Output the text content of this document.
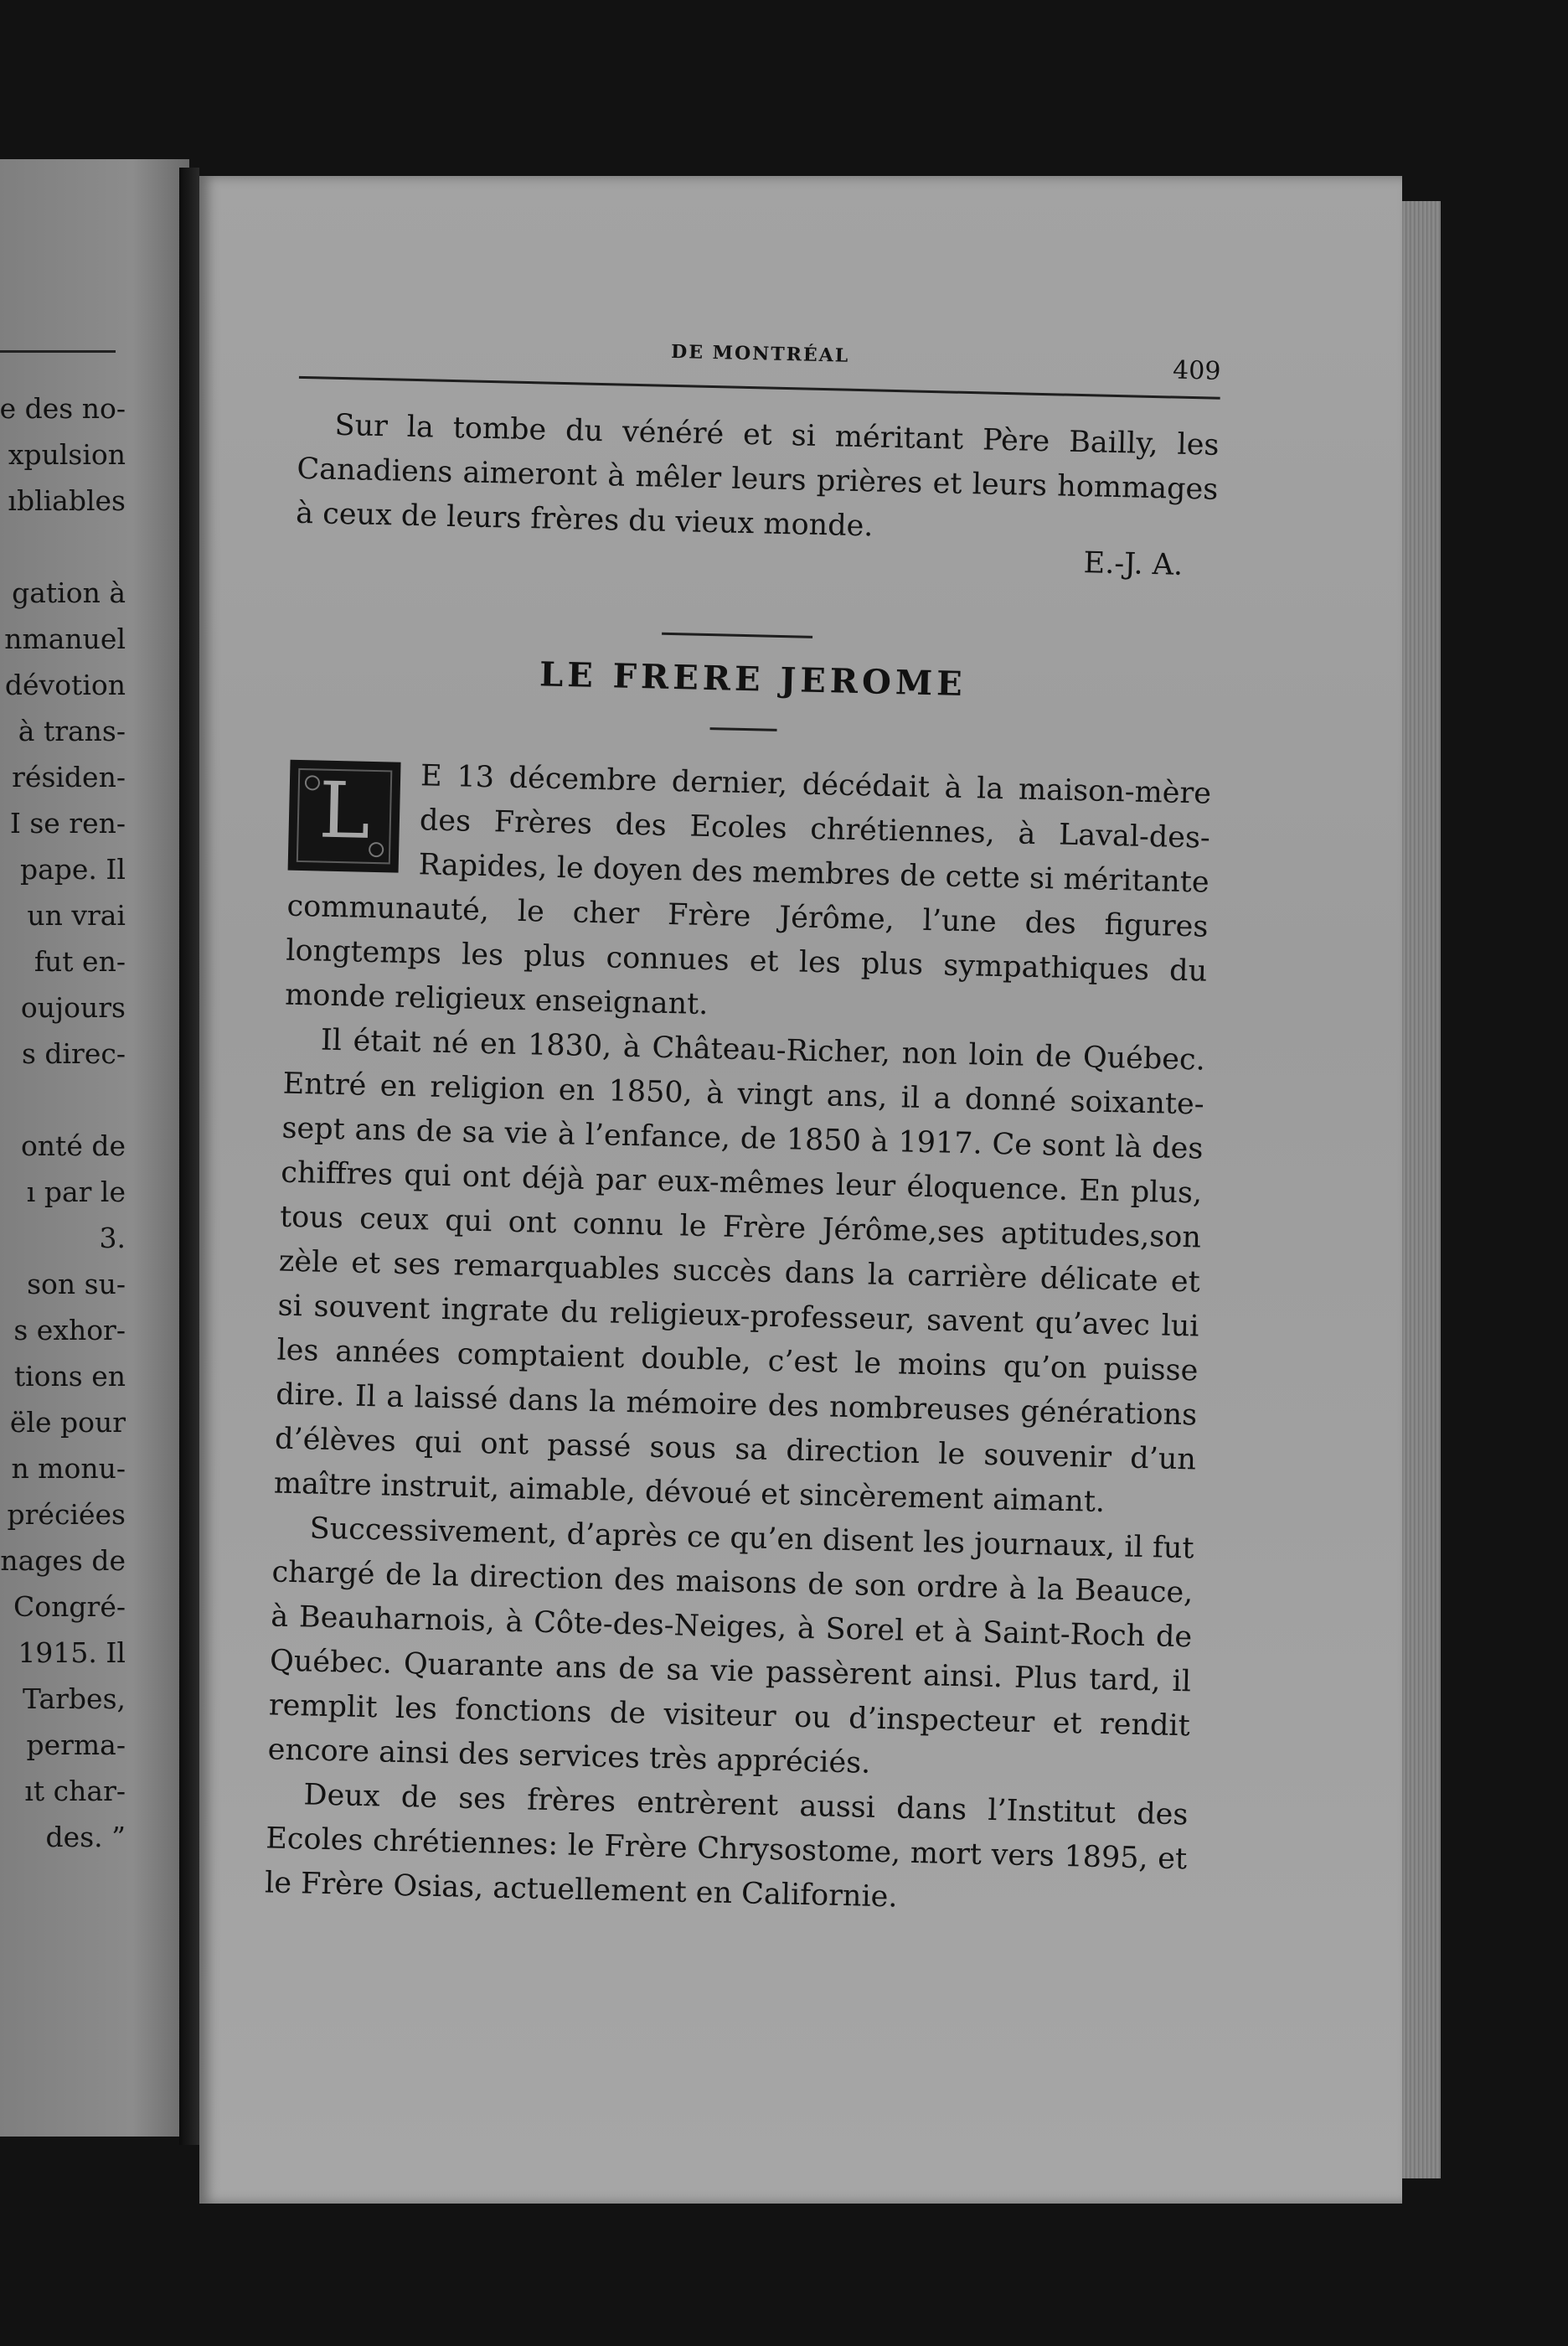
e des no-
xpulsion
ıbliables
gation à
nmanuel
dévotion
à trans-
résiden-
I se ren-
pape. Il
un vrai
fut en-
oujours
s direc-
onté de
ı par le
3.
son su-
s exhor-
tions en
ële pour
n monu-
préciées
nages de
Congré-
1915. Il
Tarbes,
perma-
ıt char-
des. ”
DE MONTRÉAL
409
Sur la tombe du vénéré et si méritant Père Bailly, les Canadiens aimeront à mêler leurs prières et leurs hommages à ceux de leurs frères du vieux monde.
E.-J. A.
LE FRERE JEROME
L	E 13 décembre dernier, décédait à la maison-mère des Frères des Ecoles chrétiennes, à Laval-des-Rapides, le doyen des membres de cette si méritante communauté, le cher Frère Jérôme, l’une des figures longtemps les plus connues et les plus sympathiques du monde religieux enseignant.

Il était né en 1830, à Château-Richer, non loin de Québec. Entré en religion en 1850, à vingt ans, il a donné soixante-sept ans de sa vie à l’enfance, de 1850 à 1917. Ce sont là des chiffres qui ont déjà par eux-mêmes leur éloquence. En plus, tous ceux qui ont connu le Frère Jérôme,ses aptitudes,son zèle et ses remarquables succès dans la carrière délicate et si souvent ingrate du religieux-professeur, savent qu’avec lui les années comptaient double, c’est le moins qu’on puisse dire. Il a laissé dans la mémoire des nombreuses générations d’élèves qui ont passé sous sa direction le souvenir d’un maître instruit, aimable, dévoué et sincèrement aimant.

Successivement, d’après ce qu’en disent les journaux, il fut chargé de la direction des maisons de son ordre à la Beauce, à Beauharnois, à Côte-des-Neiges, à Sorel et à Saint-Roch de Québec. Quarante ans de sa vie passèrent ainsi. Plus tard, il remplit les fonctions de visiteur ou d’inspecteur et rendit encore ainsi des services très appréciés.

Deux de ses frères entrèrent aussi dans l’Institut des Ecoles chrétiennes: le Frère Chrysostome, mort vers 1895, et le Frère Osias, actuellement en Californie.
